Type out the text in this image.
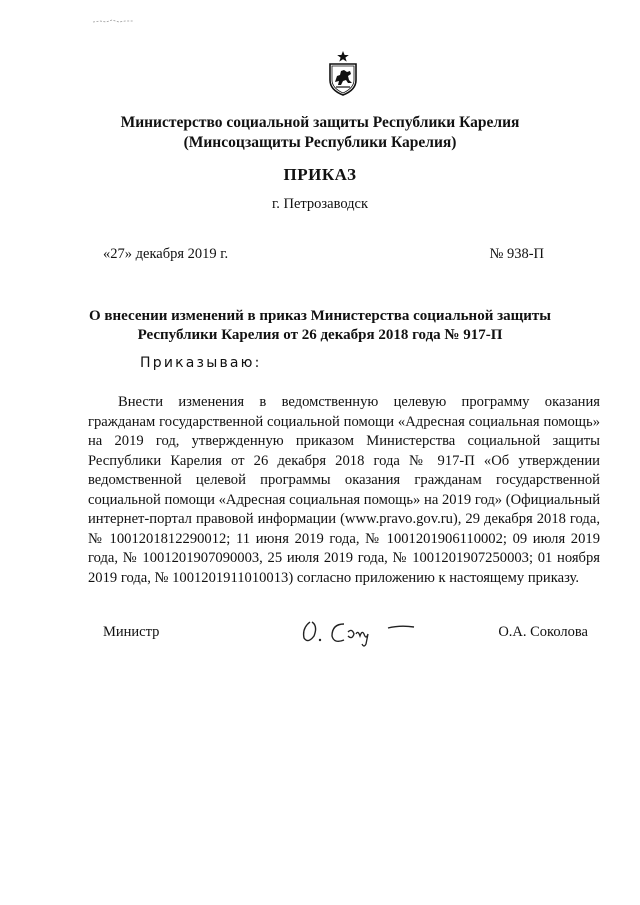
Министерство социальной защиты Республики Карелия
(Минсоцзащиты Республики Карелия)
ПРИКАЗ
г. Петрозаводск
«27» декабря 2019 г.	№ 938-П
О внесении изменений в приказ Министерства социальной защиты
Республики Карелия от 26 декабря 2018 года № 917-П
Приказываю:

Внести изменения в ведомственную целевую программу оказания гражданам государственной социальной помощи «Адресная социальная помощь» на 2019 год, утвержденную приказом Министерства социальной защиты Республики Карелия от 26 декабря 2018 года № 917-П «Об утверждении ведомственной целевой программы оказания гражданам государственной социальной помощи «Адресная социальная помощь» на 2019 год» (Официальный интернет-портал правовой информации (www.pravo.gov.ru), 29 декабря 2018 года, № 1001201812290012; 11 июня 2019 года, № 1001201906110002; 09 июля 2019 года, № 1001201907090003, 25 июля 2019 года, № 1001201907250003; 01 ноября 2019 года, № 1001201911010013) согласно приложению к настоящему приказу.

Министр	О.А. Соколова
